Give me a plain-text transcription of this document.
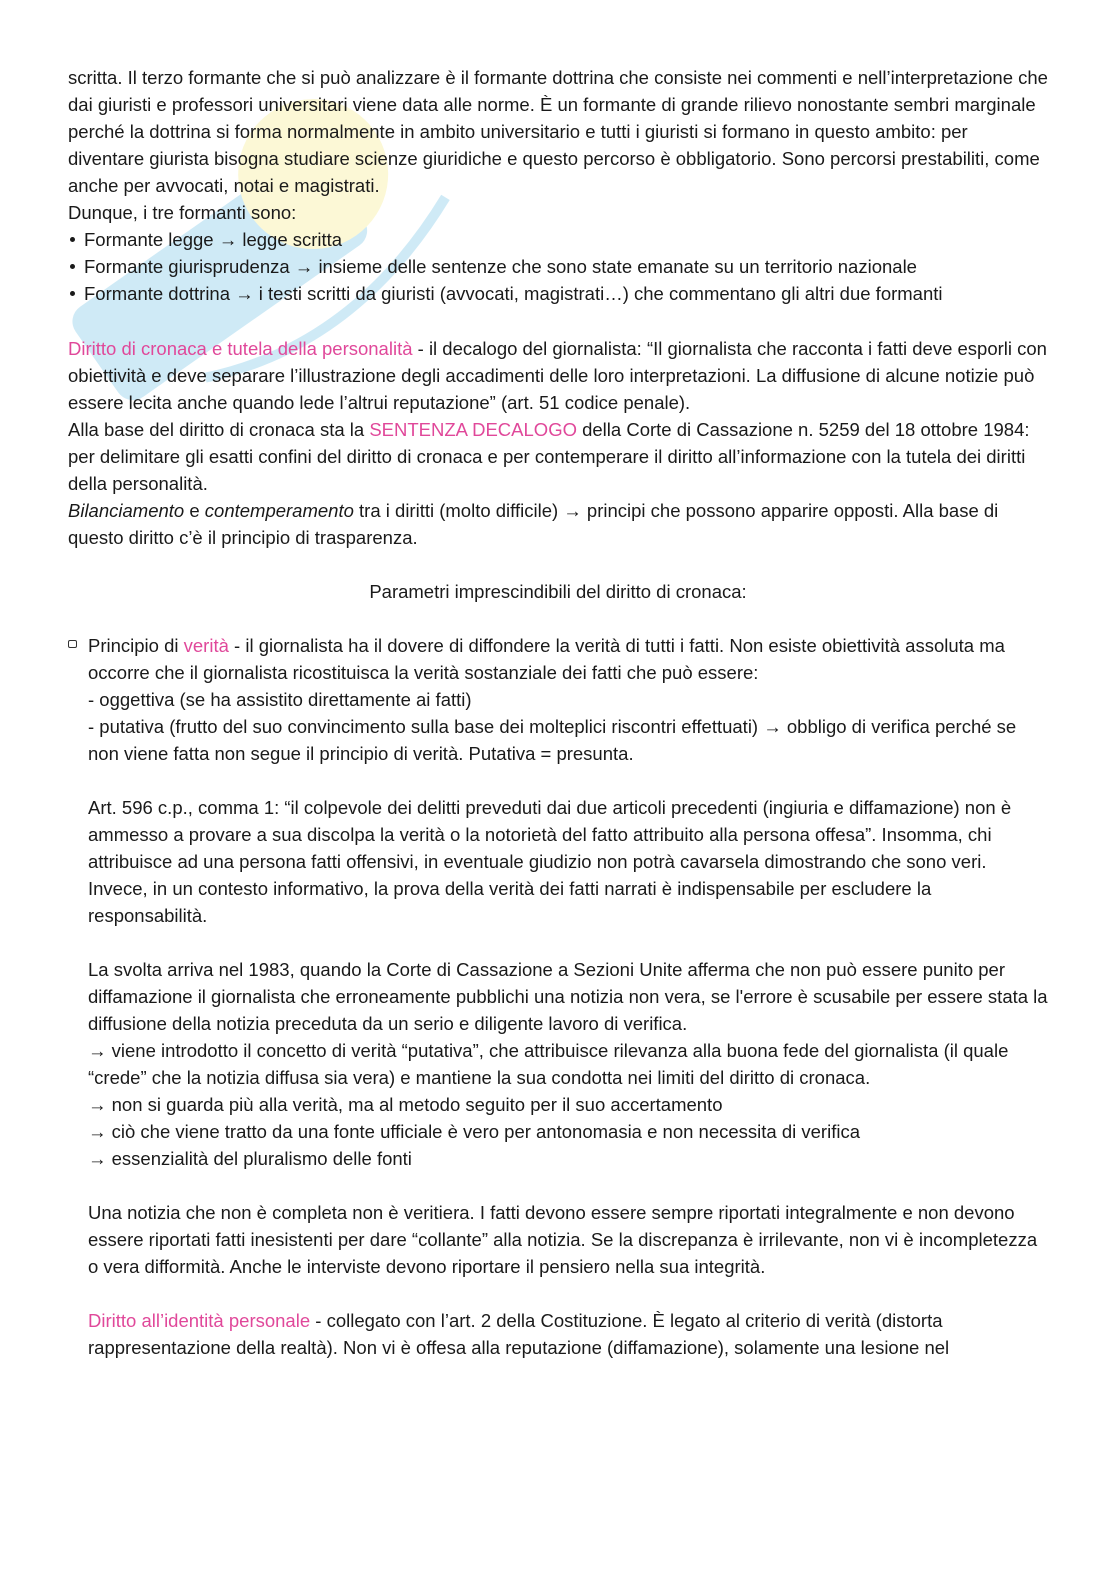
scritta. Il terzo formante che si può analizzare è il formante dottrina che consiste nei commenti e nell’interpretazione che dai giuristi e professori universitari viene data alle norme. È un formante di grande rilievo nonostante sembri marginale perché la dottrina si forma normalmente in ambito universitario e tutti i giuristi si formano in questo ambito: per diventare giurista bisogna studiare scienze giuridiche e questo percorso è obbligatorio. Sono percorsi prestabiliti, come anche per avvocati, notai e magistrati.

Dunque, i tre formanti sono:

Formante legge → legge scritta

Formante giurisprudenza → insieme delle sentenze che sono state emanate su un territorio nazionale

Formante dottrina → i testi scritti da giuristi (avvocati, magistrati…) che commentano gli altri due formanti

Diritto di cronaca e tutela della personalità - il decalogo del giornalista: “Il giornalista che racconta i fatti deve esporli con obiettività e deve separare l’illustrazione degli accadimenti delle loro interpretazioni. La diffusione di alcune notizie può essere lecita anche quando lede l’altrui reputazione” (art. 51 codice penale).

Alla base del diritto di cronaca sta la SENTENZA DECALOGO della Corte di Cassazione n. 5259 del 18 ottobre 1984: per delimitare gli esatti confini del diritto di cronaca e per contemperare il diritto all’informazione con la tutela dei diritti della personalità.

Bilanciamento e contemperamento tra i diritti (molto difficile) → principi che possono apparire opposti. Alla base di questo diritto c’è il principio di trasparenza.

Parametri imprescindibili del diritto di cronaca:

Principio di verità - il giornalista ha il dovere di diffondere la verità di tutti i fatti. Non esiste obiettività assoluta ma occorre che il giornalista ricostituisca la verità sostanziale dei fatti che può essere:

- oggettiva (se ha assistito direttamente ai fatti)

- putativa (frutto del suo convincimento sulla base dei molteplici riscontri effettuati) → obbligo di verifica perché se non viene fatta non segue il principio di verità. Putativa = presunta.

Art. 596 c.p., comma 1: “il colpevole dei delitti preveduti dai due articoli precedenti (ingiuria e diffamazione) non è ammesso a provare a sua discolpa la verità o la notorietà del fatto attribuito alla persona offesa”. Insomma, chi attribuisce ad una persona fatti offensivi, in eventuale giudizio non potrà cavarsela dimostrando che sono veri. Invece, in un contesto informativo, la prova della verità dei fatti narrati è indispensabile per escludere la responsabilità.

La svolta arriva nel 1983, quando la Corte di Cassazione a Sezioni Unite afferma che non può essere punito per diffamazione il giornalista che erroneamente pubblichi una notizia non vera, se l'errore è scusabile per essere stata la diffusione della notizia preceduta da un serio e diligente lavoro di verifica.

→ viene introdotto il concetto di verità “putativa”, che attribuisce rilevanza alla buona fede del giornalista (il quale “crede” che la notizia diffusa sia vera) e mantiene la sua condotta nei limiti del diritto di cronaca.

→ non si guarda più alla verità, ma al metodo seguito per il suo accertamento

→ ciò che viene tratto da una fonte ufficiale è vero per antonomasia e non necessita di verifica

→ essenzialità del pluralismo delle fonti

Una notizia che non è completa non è veritiera. I fatti devono essere sempre riportati integralmente e non devono essere riportati fatti inesistenti per dare “collante” alla notizia. Se la discrepanza è irrilevante, non vi è incompletezza o vera difformità. Anche le interviste devono riportare il pensiero nella sua integrità.

Diritto all’identità personale - collegato con l’art. 2 della Costituzione. È legato al criterio di verità (distorta rappresentazione della realtà). Non vi è offesa alla reputazione (diffamazione), solamente una lesione nel
